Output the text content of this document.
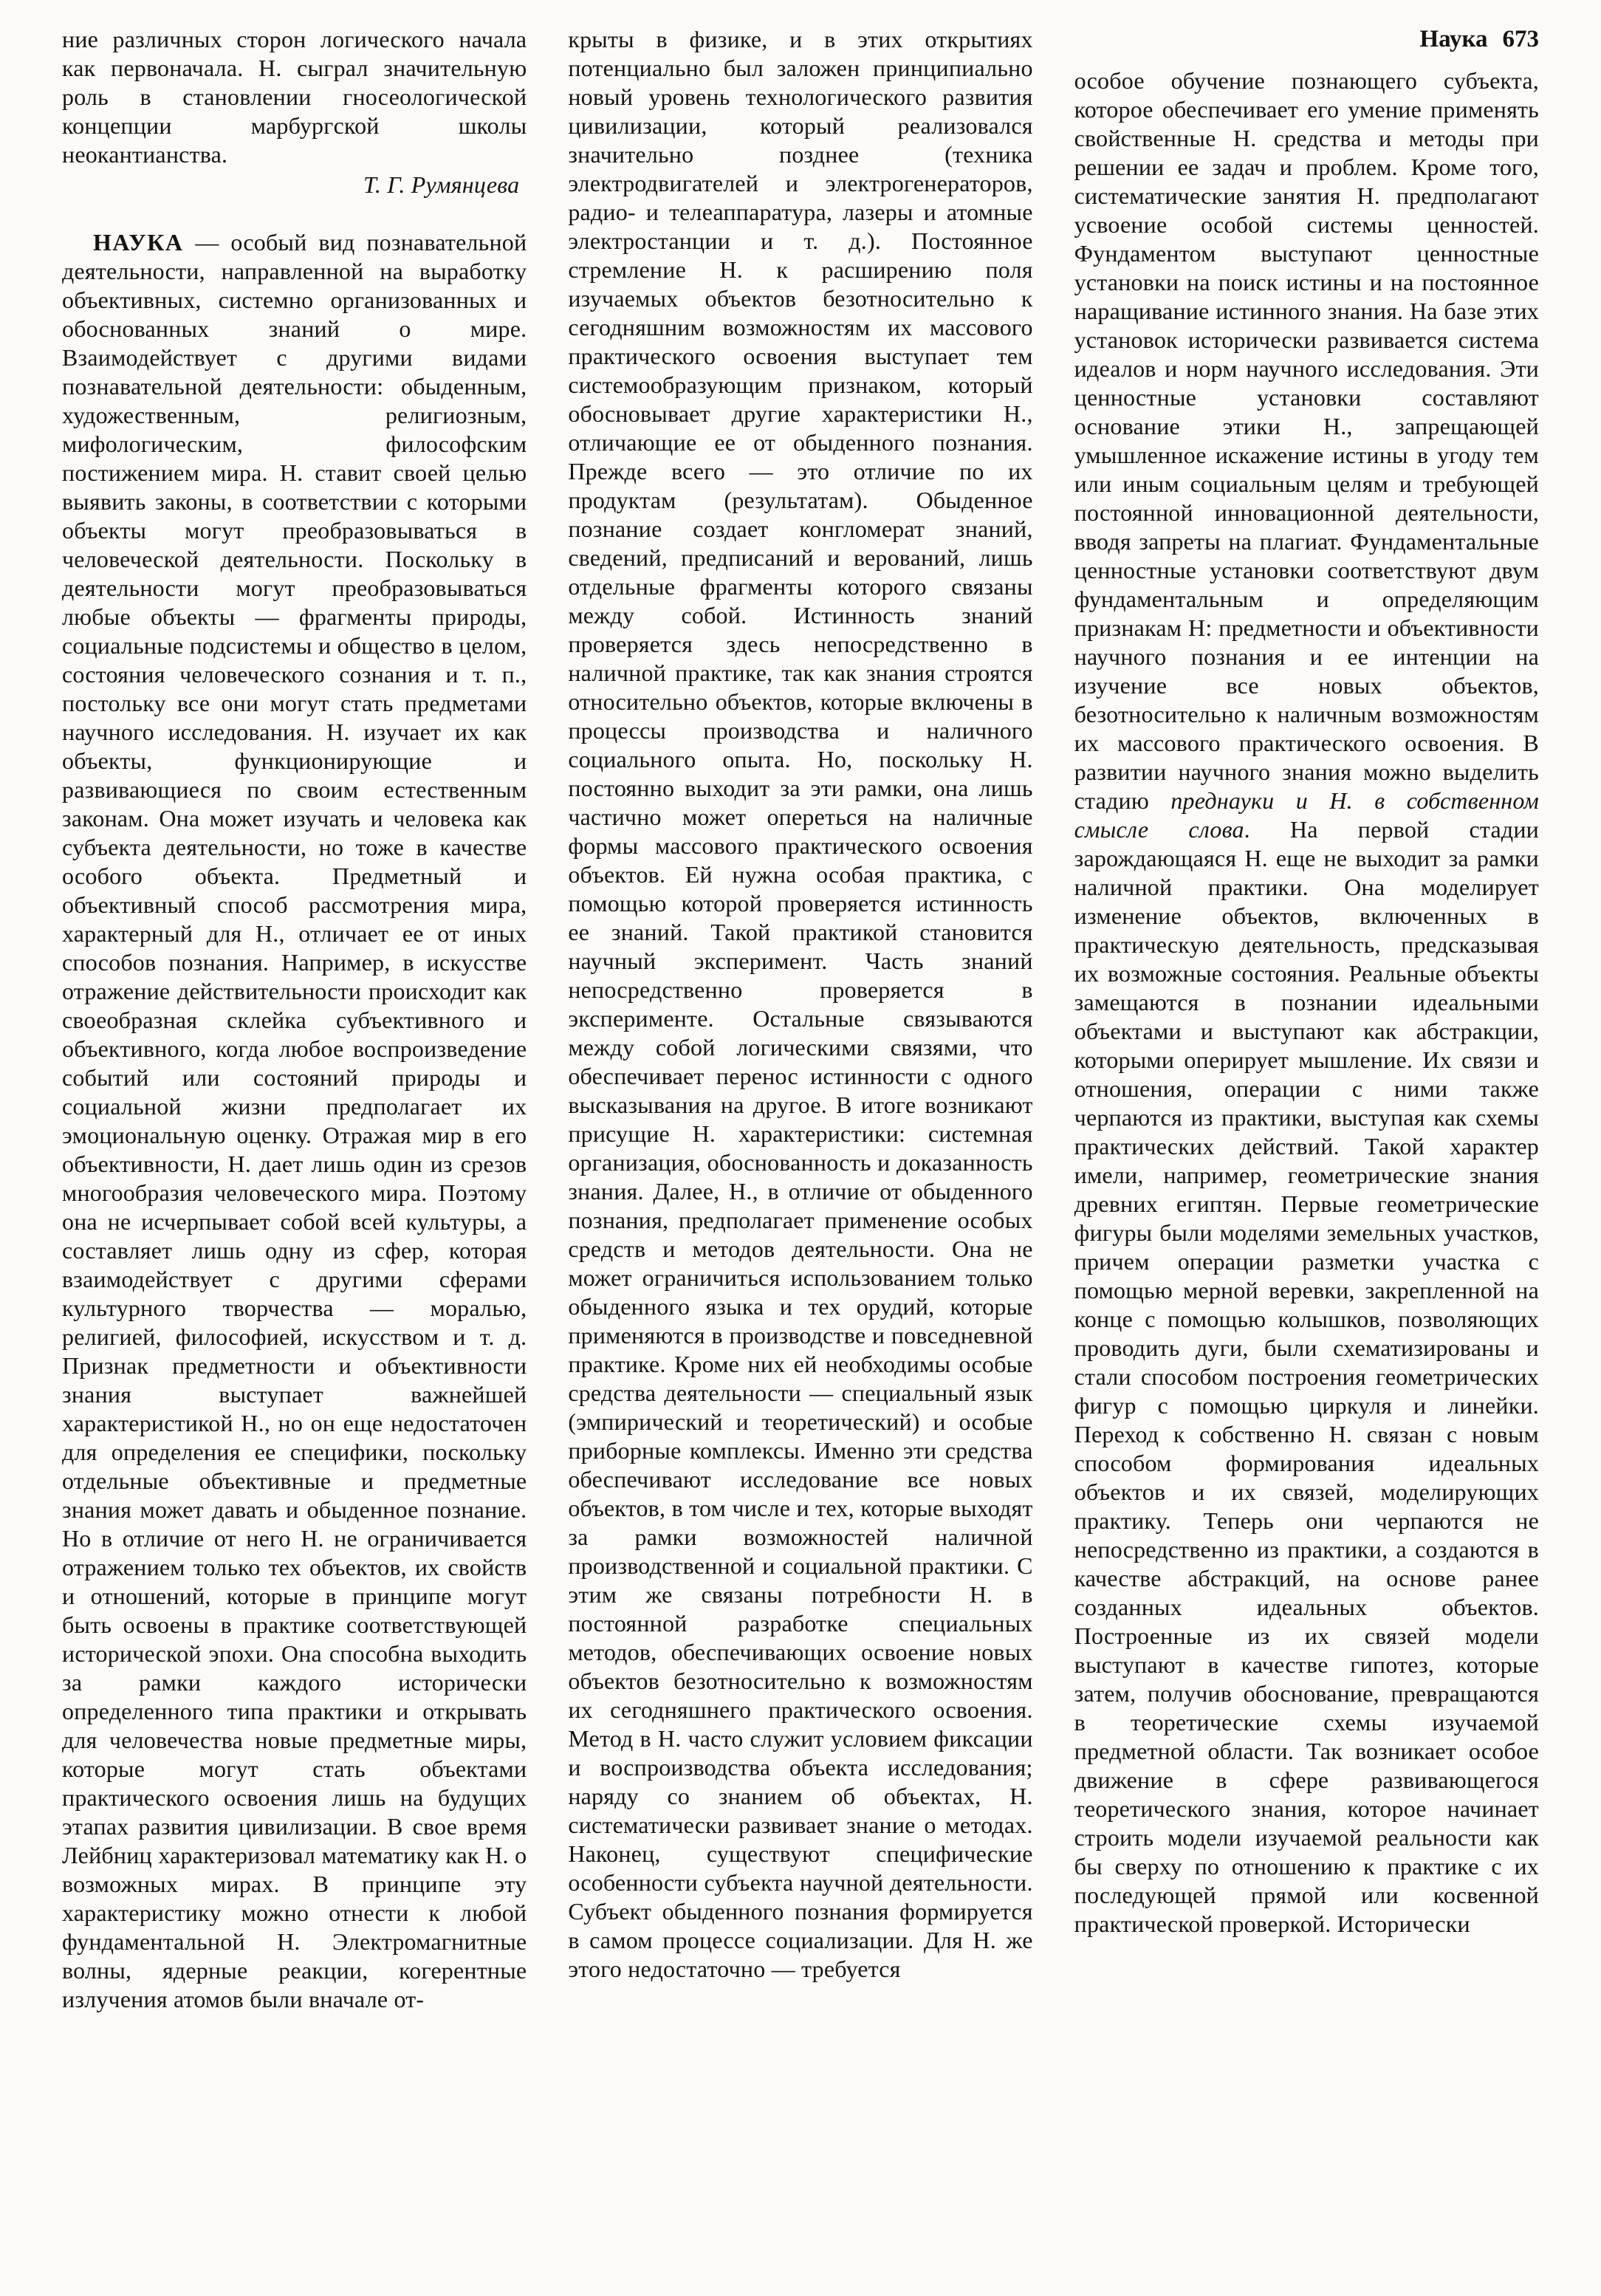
Наука 673

ние различных сторон логического начала как первоначала. Н. сыграл значительную роль в становлении гносеологической концепции марбургской школы неокантианства.

Т. Г. Румянцева

НАУКА — особый вид познавательной деятельности, направленной на выработку объективных, системно организованных и обоснованных знаний о мире. Взаимодействует с другими видами познавательной деятельности: обыденным, художественным, религиозным, мифологическим, философским постижением мира. Н. ставит своей целью выявить законы, в соответствии с которыми объекты могут преобразовываться в человеческой деятельности. Поскольку в деятельности могут преобразовываться любые объекты — фрагменты природы, социальные подсистемы и общество в целом, состояния человеческого сознания и т. п., постольку все они могут стать предметами научного исследования. Н. изучает их как объекты, функционирующие и развивающиеся по своим естественным законам. Она может изучать и человека как субъекта деятельности, но тоже в качестве особого объекта. Предметный и объективный способ рассмотрения мира, характерный для Н., отличает ее от иных способов познания. Например, в искусстве отражение действительности происходит как своеобразная склейка субъективного и объективного, когда любое воспроизведение событий или состояний природы и социальной жизни предполагает их эмоциональную оценку. Отражая мир в его объективности, Н. дает лишь один из срезов многообразия человеческого мира. Поэтому она не исчерпывает собой всей культуры, а составляет лишь одну из сфер, которая взаимодействует с другими сферами культурного творчества — моралью, религией, философией, искусством и т. д. Признак предметности и объективности знания выступает важнейшей характеристикой Н., но он еще недостаточен для определения ее специфики, поскольку отдельные объективные и предметные знания может давать и обыденное познание. Но в отличие от него Н. не ограничивается отражением только тех объектов, их свойств и отношений, которые в принципе могут быть освоены в практике соответствующей исторической эпохи. Она способна выходить за рамки каждого исторически определенного типа практики и открывать для человечества новые предметные миры, которые могут стать объектами практического освоения лишь на будущих этапах развития цивилизации. В свое время Лейбниц характеризовал математику как Н. о возможных мирах. В принципе эту характеристику можно отнести к любой фундаментальной Н. Электромагнитные волны, ядерные реакции, когерентные излучения атомов были вначале от-

крыты в физике, и в этих открытиях потенциально был заложен принципиально новый уровень технологического развития цивилизации, который реализовался значительно позднее (техника электродвигателей и электрогенераторов, радио- и телеаппаратура, лазеры и атомные электростанции и т. д.). Постоянное стремление Н. к расширению поля изучаемых объектов безотносительно к сегодняшним возможностям их массового практического освоения выступает тем системообразующим признаком, который обосновывает другие характеристики Н., отличающие ее от обыденного познания. Прежде всего — это отличие по их продуктам (результатам). Обыденное познание создает конгломерат знаний, сведений, предписаний и верований, лишь отдельные фрагменты которого связаны между собой. Истинность знаний проверяется здесь непосредственно в наличной практике, так как знания строятся относительно объектов, которые включены в процессы производства и наличного социального опыта. Но, поскольку Н. постоянно выходит за эти рамки, она лишь частично может опереться на наличные формы массового практического освоения объектов. Ей нужна особая практика, с помощью которой проверяется истинность ее знаний. Такой практикой становится научный эксперимент. Часть знаний непосредственно проверяется в эксперименте. Остальные связываются между собой логическими связями, что обеспечивает перенос истинности с одного высказывания на другое. В итоге возникают присущие Н. характеристики: системная организация, обоснованность и доказанность знания. Далее, Н., в отличие от обыденного познания, предполагает применение особых средств и методов деятельности. Она не может ограничиться использованием только обыденного языка и тех орудий, которые применяются в производстве и повседневной практике. Кроме них ей необходимы особые средства деятельности — специальный язык (эмпирический и теоретический) и особые приборные комплексы. Именно эти средства обеспечивают исследование все новых объектов, в том числе и тех, которые выходят за рамки возможностей наличной производственной и социальной практики. С этим же связаны потребности Н. в постоянной разработке специальных методов, обеспечивающих освоение новых объектов безотносительно к возможностям их сегодняшнего практического освоения. Метод в Н. часто служит условием фиксации и воспроизводства объекта исследования; наряду со знанием об объектах, Н. систематически развивает знание о методах. Наконец, существуют специфические особенности субъекта научной деятельности. Субъект обыденного познания формируется в самом процессе социализации. Для Н. же этого недостаточно — требуется

особое обучение познающего субъекта, которое обеспечивает его умение применять свойственные Н. средства и методы при решении ее задач и проблем. Кроме того, систематические занятия Н. предполагают усвоение особой системы ценностей. Фундаментом выступают ценностные установки на поиск истины и на постоянное наращивание истинного знания. На базе этих установок исторически развивается система идеалов и норм научного исследования. Эти ценностные установки составляют основание этики Н., запрещающей умышленное искажение истины в угоду тем или иным социальным целям и требующей постоянной инновационной деятельности, вводя запреты на плагиат. Фундаментальные ценностные установки соответствуют двум фундаментальным и определяющим признакам Н: предметности и объективности научного познания и ее интенции на изучение все новых объектов, безотносительно к наличным возможностям их массового практического освоения. В развитии научного знания можно выделить стадию преднауки и Н. в собственном смысле слова. На первой стадии зарождающаяся Н. еще не выходит за рамки наличной практики. Она моделирует изменение объектов, включенных в практическую деятельность, предсказывая их возможные состояния. Реальные объекты замещаются в познании идеальными объектами и выступают как абстракции, которыми оперирует мышление. Их связи и отношения, операции с ними также черпаются из практики, выступая как схемы практических действий. Такой характер имели, например, геометрические знания древних египтян. Первые геометрические фигуры были моделями земельных участков, причем операции разметки участка с помощью мерной веревки, закрепленной на конце с помощью колышков, позволяющих проводить дуги, были схематизированы и стали способом построения геометрических фигур с помощью циркуля и линейки. Переход к собственно Н. связан с новым способом формирования идеальных объектов и их связей, моделирующих практику. Теперь они черпаются не непосредственно из практики, а создаются в качестве абстракций, на основе ранее созданных идеальных объектов. Построенные из их связей модели выступают в качестве гипотез, которые затем, получив обоснование, превращаются в теоретические схемы изучаемой предметной области. Так возникает особое движение в сфере развивающегося теоретического знания, которое начинает строить модели изучаемой реальности как бы сверху по отношению к практике с их последующей прямой или косвенной практической проверкой. Исторически
